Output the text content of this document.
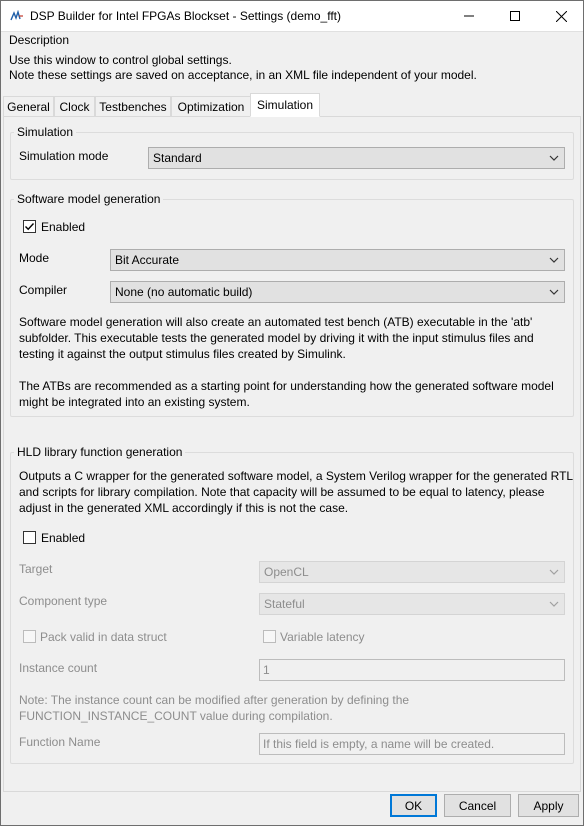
DSP Builder for Intel FPGAs Blockset - Settings (demo_fft)
Description
Use this window to control global settings.
Note these settings are saved on acceptance, in an XML file independent of your model.
General Clock Testbenches Optimization Simulation
Simulation
Simulation mode	Standard
Software model generation
Enabled
Mode	Bit Accurate
Compiler	None (no automatic build)
Software model generation will also create an automated test bench (ATB) executable in the 'atb'
subfolder. This executable tests the generated model by driving it with the input stimulus files and
testing it against the output stimulus files created by Simulink.
The ATBs are recommended as a starting point for understanding how the generated software model
might be integrated into an existing system.
HLD library function generation
Outputs a C wrapper for the generated software model, a System Verilog wrapper for the generated RTL
and scripts for library compilation. Note that capacity will be assumed to be equal to latency, please
adjust in the generated XML accordingly if this is not the case.
Enabled
Target	OpenCL
Component type	Stateful
Pack valid in data struct	Variable latency
Instance count	1
Note: The instance count can be modified after generation by defining the
FUNCTION_INSTANCE_COUNT value during compilation.
Function Name	If this field is empty, a name will be created.
OK	Cancel	Apply
